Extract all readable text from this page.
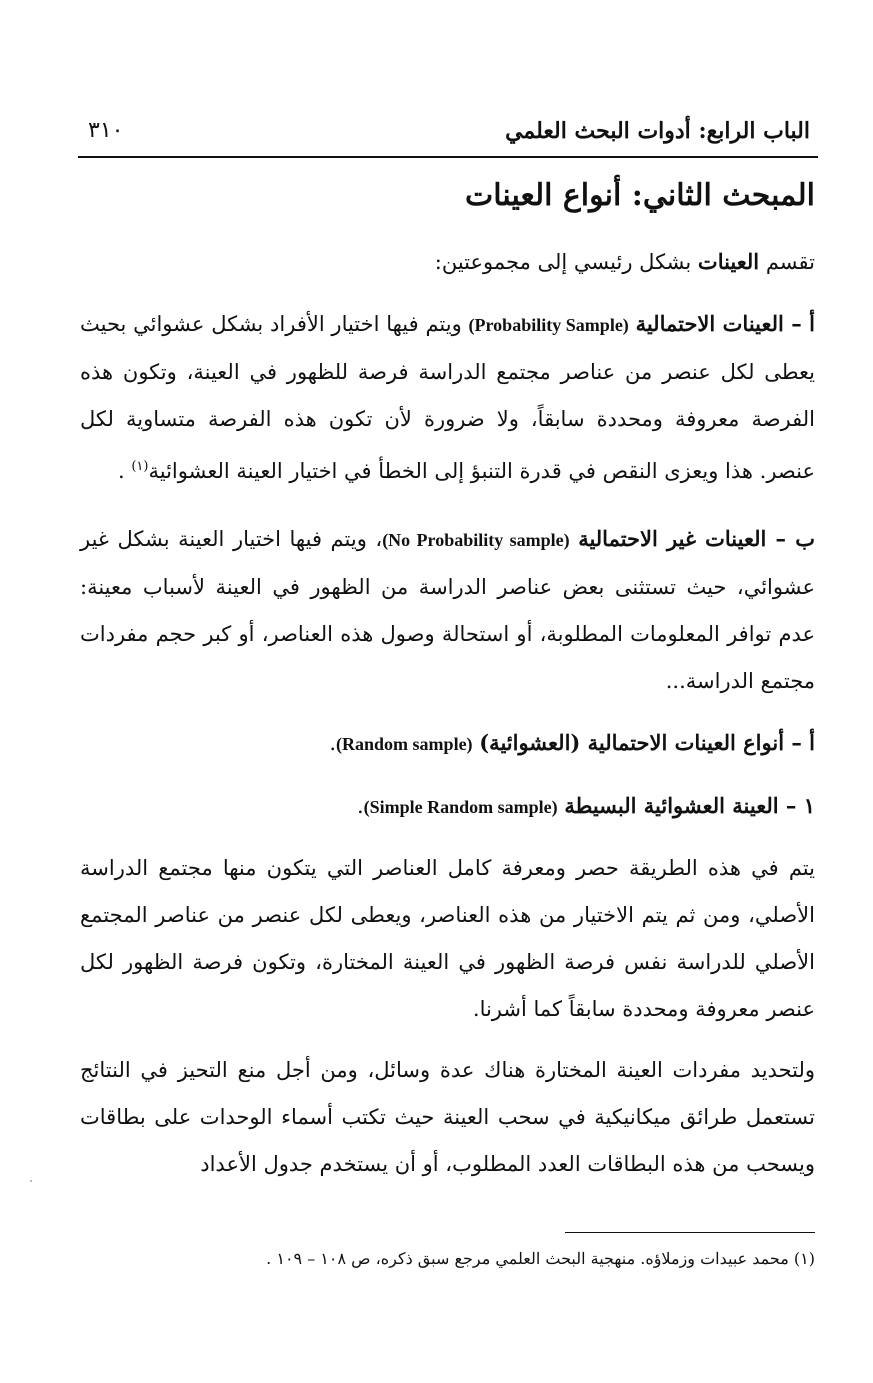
٣١٠	الباب الرابع: أدوات البحث العلمي
المبحث الثاني: أنواع العينات

تقسم العينات بشكل رئيسي إلى مجموعتين:

أ – العينات الاحتمالية (Probability Sample) ويتم فيها اختيار الأفراد بشكل عشوائي بحيث يعطى لكل عنصر من عناصر مجتمع الدراسة فرصة للظهور في العينة، وتكون هذه الفرصة معروفة ومحددة سابقاً، ولا ضرورة لأن تكون هذه الفرصة متساوية لكل عنصر. هذا ويعزى النقص في قدرة التنبؤ إلى الخطأ في اختيار العينة العشوائية$^{(١)}$ .

ب – العينات غير الاحتمالية (No Probability sample)، ويتم فيها اختيار العينة بشكل غير عشوائي، حيث تستثنى بعض عناصر الدراسة من الظهور في العينة لأسباب معينة: عدم توافر المعلومات المطلوبة، أو استحالة وصول هذه العناصر، أو كبر حجم مفردات مجتمع الدراسة...

أ – أنواع العينات الاحتمالية (العشوائية) (Random sample).

١ – العينة العشوائية البسيطة (Simple Random sample).

يتم في هذه الطريقة حصر ومعرفة كامل العناصر التي يتكون منها مجتمع الدراسة الأصلي، ومن ثم يتم الاختيار من هذه العناصر، ويعطى لكل عنصر من عناصر المجتمع الأصلي للدراسة نفس فرصة الظهور في العينة المختارة، وتكون فرصة الظهور لكل عنصر معروفة ومحددة سابقاً كما أشرنا.

ولتحديد مفردات العينة المختارة هناك عدة وسائل، ومن أجل منع التحيز في النتائج تستعمل طرائق ميكانيكية في سحب العينة حيث تكتب أسماء الوحدات على بطاقات ويسحب من هذه البطاقات العدد المطلوب، أو أن يستخدم جدول الأعداد

(١) محمد عبيدات وزملاؤه. منهجية البحث العلمي مرجع سبق ذكره، ص ١٠٨ – ١٠٩ .
